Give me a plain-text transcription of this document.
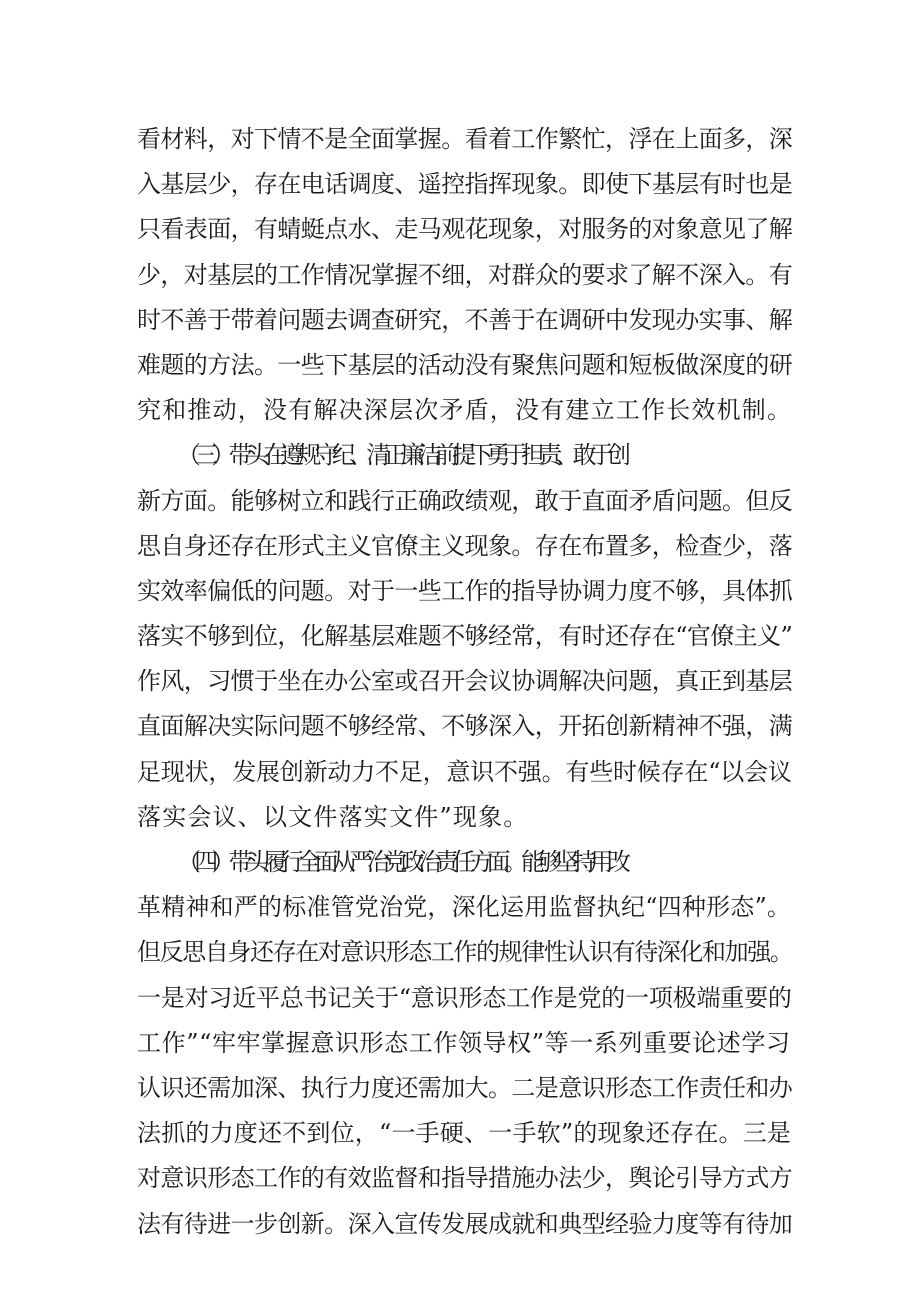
看材料，对下情不是全面掌握。看着工作繁忙，浮在上面多，深
入基层少，存在电话调度、遥控指挥现象。即使下基层有时也是
只看表面，有蜻蜓点水、走马观花现象，对服务的对象意见了解
少，对基层的工作情况掌握不细，对群众的要求了解不深入。有
时不善于带着问题去调查研究，不善于在调研中发现办实事、解
难题的方法。一些下基层的活动没有聚焦问题和短板做深度的研
究和推动，没有解决深层次矛盾，没有建立工作长效机制。
（三）带头在遵规守纪、清正廉洁前提下勇于担责、敢于创
新方面。能够树立和践行正确政绩观，敢于直面矛盾问题。但反
思自身还存在形式主义官僚主义现象。存在布置多，检查少，落
实效率偏低的问题。对于一些工作的指导协调力度不够，具体抓
落实不够到位，化解基层难题不够经常，有时还存在“官僚主义”
作风，习惯于坐在办公室或召开会议协调解决问题，真正到基层
直面解决实际问题不够经常、不够深入，开拓创新精神不强，满
足现状，发展创新动力不足，意识不强。有些时候存在“以会议
落实会议、以文件落实文件”现象。
（四）带头履行全面从严治党政治责任方面。能够坚持用改
革精神和严的标准管党治党，深化运用监督执纪“四种形态”。
但反思自身还存在对意识形态工作的规律性认识有待深化和加强。
一是对习近平总书记关于“意识形态工作是党的一项极端重要的
工作”“牢牢掌握意识形态工作领导权”等一系列重要论述学习
认识还需加深、执行力度还需加大。二是意识形态工作责任和办
法抓的力度还不到位，“一手硬、一手软”的现象还存在。三是
对意识形态工作的有效监督和指导措施办法少，舆论引导方式方
法有待进一步创新。深入宣传发展成就和典型经验力度等有待加
